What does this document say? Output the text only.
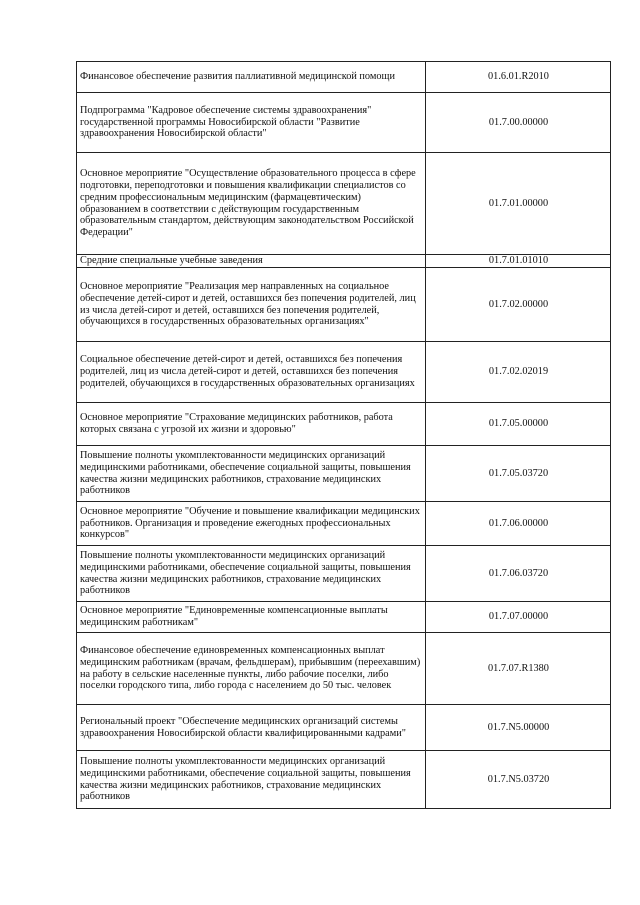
Финансовое обеспечение развития паллиативной медицинской помощи	01.6.01.R2010
Подпрограмма "Кадровое обеспечение системы здравоохранения" государственной программы Новосибирской области "Развитие здравоохранения Новосибирской области"	01.7.00.00000
Основное мероприятие "Осуществление образовательного процесса в сфере подготовки, переподготовки и повышения квалификации специалистов со средним профессиональным медицинским (фармацевтическим) образованием в соответствии с действующим государственным образовательным стандартом, действующим законодательством Российской Федерации"	01.7.01.00000
Средние специальные учебные заведения	01.7.01.01010
Основное мероприятие "Реализация мер направленных на социальное обеспечение детей-сирот и детей, оставшихся без попечения родителей, лиц из числа детей-сирот и детей, оставшихся без попечения родителей, обучающихся в государственных образовательных организациях"	01.7.02.00000
Социальное обеспечение детей-сирот и детей, оставшихся без попечения родителей, лиц из числа детей-сирот и детей, оставшихся без попечения родителей, обучающихся в государственных образовательных организациях	01.7.02.02019
Основное мероприятие "Страхование медицинских работников, работа которых связана с угрозой их жизни и здоровью"	01.7.05.00000
Повышение полноты укомплектованности медицинских организаций медицинскими работниками, обеспечение социальной защиты, повышения качества жизни медицинских работников, страхование медицинских работников	01.7.05.03720
Основное мероприятие "Обучение и повышение квалификации медицинских работников. Организация и проведение ежегодных профессиональных конкурсов"	01.7.06.00000
Повышение полноты укомплектованности медицинских организаций медицинскими работниками, обеспечение социальной защиты, повышения качества жизни медицинских работников, страхование медицинских работников	01.7.06.03720
Основное мероприятие "Единовременные компенсационные выплаты медицинским работникам"	01.7.07.00000
Финансовое обеспечение единовременных компенсационных выплат медицинским работникам (врачам, фельдшерам), прибывшим (переехавшим) на работу в сельские населенные пункты, либо рабочие поселки, либо поселки городского типа, либо города с населением до 50 тыс. человек	01.7.07.R1380
Региональный проект "Обеспечение медицинских организаций системы здравоохранения Новосибирской области квалифицированными кадрами"	01.7.N5.00000
Повышение полноты укомплектованности медицинских организаций медицинскими работниками, обеспечение социальной защиты, повышения качества жизни медицинских работников, страхование медицинских работников	01.7.N5.03720
